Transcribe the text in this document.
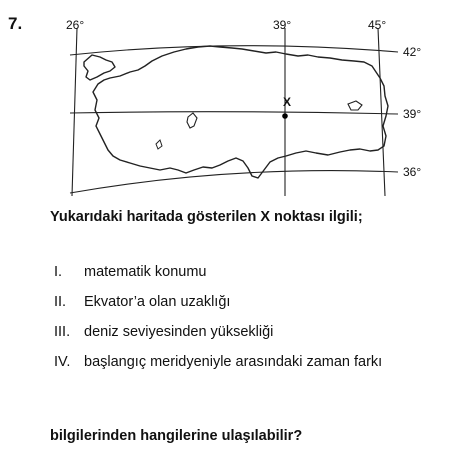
7.
X
26°	39°	45°
42°
39°
36°
Yukarıdaki haritada gösterilen X noktası ilgili;
I.	matematik konumu
II.	Ekvator’a olan uzaklığı
III. deniz seviyesinden yüksekliği
IV. başlangıç meridyeniyle arasındaki zaman farkı
bilgilerinden hangilerine ulaşılabilir?
